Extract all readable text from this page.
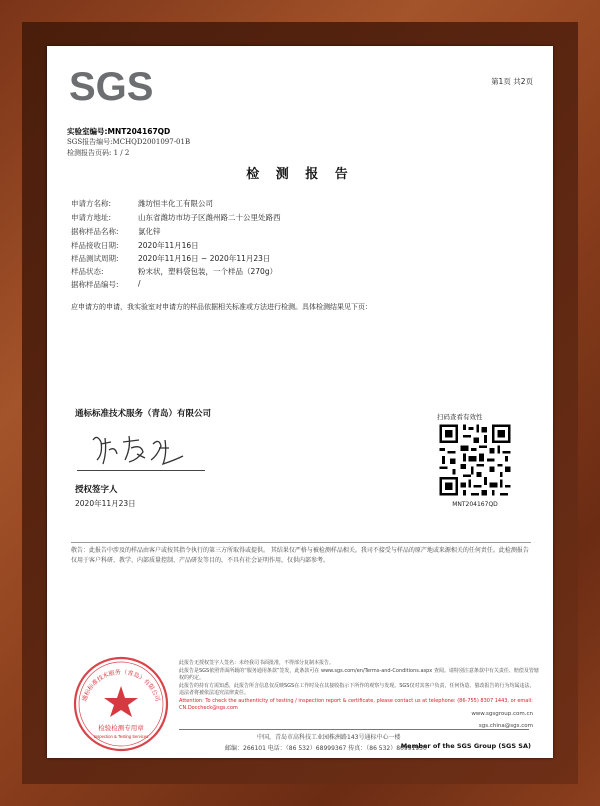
SGS	第1页 共2页
实验室编号:MNT204167QD
SGS报告编号:MCHQD2001097-01B
检测报告页码: 1 / 2
检 测 报 告
申请方名称:	潍坊恒丰化工有限公司
申请方地址:	山东省潍坊市坊子区潍州路二十公里处路西
据称样品名称:	氯化锌
样品接收日期:	2020年11月16日
样品测试周期:	2020年11月16日 ~ 2020年11月23日
样品状态:	粉末状，塑料袋包装，一个样品（270g）
据称样品编号:	/
应申请方的申请，我实验室对申请方的样品依据相关标准或方法进行检测。具体检测结果见下页：
通标标准技术服务（青岛）有限公司
授权签字人
2020年11月23日
扫码查看有效性
MNT204167QD
敬告：此报告中涉及的样品由客户或按其指令执行的第三方所取得或提供。 其结果仅严格与被检测样品相关。我司不接受与样品的原产地或来源相关的任何责任。此检测报告仅用于客户科研、教学、内部质量控制、产品研发等目的，不具有社会证明作用，仅供内部参考。
检验检测专用章
Inspection & Testing Services
通标标准技术服务（青岛）有限公司
此报告无授权签字人签名：未经我司书面批准，不得部分复制本报告。
此报告是SGS依照背面所载的“服务通用条款”签发，此条款可在 www.sgs.com/en/Terms-and-Conditions.aspx 查阅。请特别注意条款中有关责任、赔偿及管辖权的约定。
此报告的持有方需知悉，此报告所含信息仅反映SGS在工作时及在其接收指示下所作的观察与发现。SGS仅对其客户负责，任何伪造、篡改报告的行为均属违法，违法者将被依法追究法律责任。
Attention: To check the authenticity of testing / inspection report & certificate, please contact us at telephone: (86-755) 8307 1443, or email: CN.Doccheck@sgs.com
www.sgsgroup.com.cn
sgs.china@sgs.com
中国，青岛市高科技工业园株洲路143号通标中心一楼
邮编：266101 电话：（86 532）68999367 传真：（86 532）80991950
Member of the SGS Group (SGS SA)
